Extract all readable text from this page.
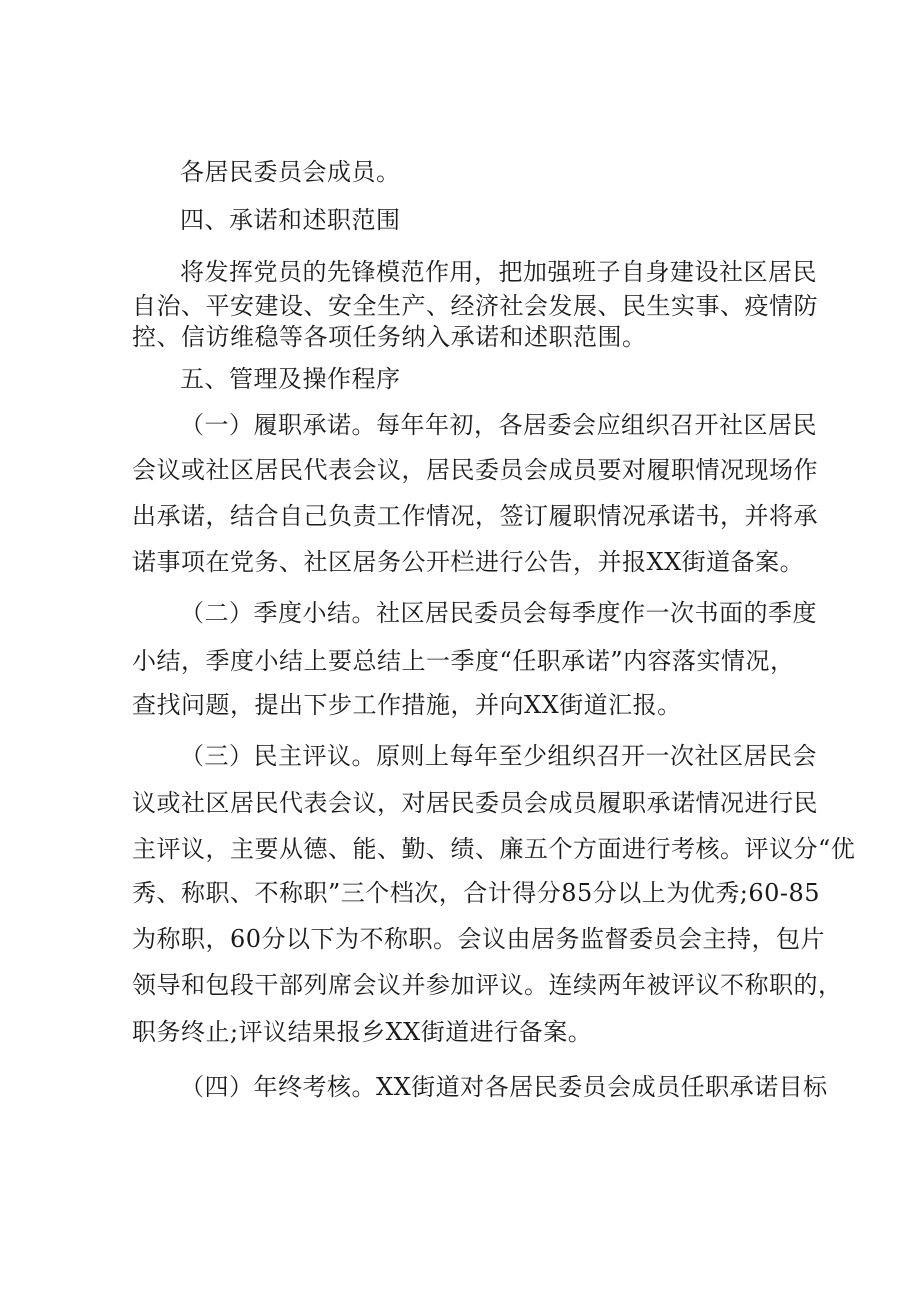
各居民委员会成员。
四、承诺和述职范围
将发挥党员的先锋模范作用，把加强班子自身建设社区居民
自治、平安建设、安全生产、经济社会发展、民生实事、疫情防
控、信访维稳等各项任务纳入承诺和述职范围。
五、管理及操作程序
（一）履职承诺。每年年初，各居委会应组织召开社区居民
会议或社区居民代表会议，居民委员会成员要对履职情况现场作
出承诺，结合自己负责工作情况，签订履职情况承诺书，并将承
诺事项在党务、社区居务公开栏进行公告，并报XX街道备案。
（二）季度小结。社区居民委员会每季度作一次书面的季度
小结，季度小结上要总结上一季度“任职承诺”内容落实情况，
查找问题，提出下步工作措施，并向XX街道汇报。
（三）民主评议。原则上每年至少组织召开一次社区居民会
议或社区居民代表会议，对居民委员会成员履职承诺情况进行民
主评议，主要从德、能、勤、绩、廉五个方面进行考核。评议分“优
秀、称职、不称职”三个档次，合计得分85分以上为优秀;60-85
为称职，60分以下为不称职。会议由居务监督委员会主持，包片
领导和包段干部列席会议并参加评议。连续两年被评议不称职的，
职务终止;评议结果报乡XX街道进行备案。
（四）年终考核。XX街道对各居民委员会成员任职承诺目标
